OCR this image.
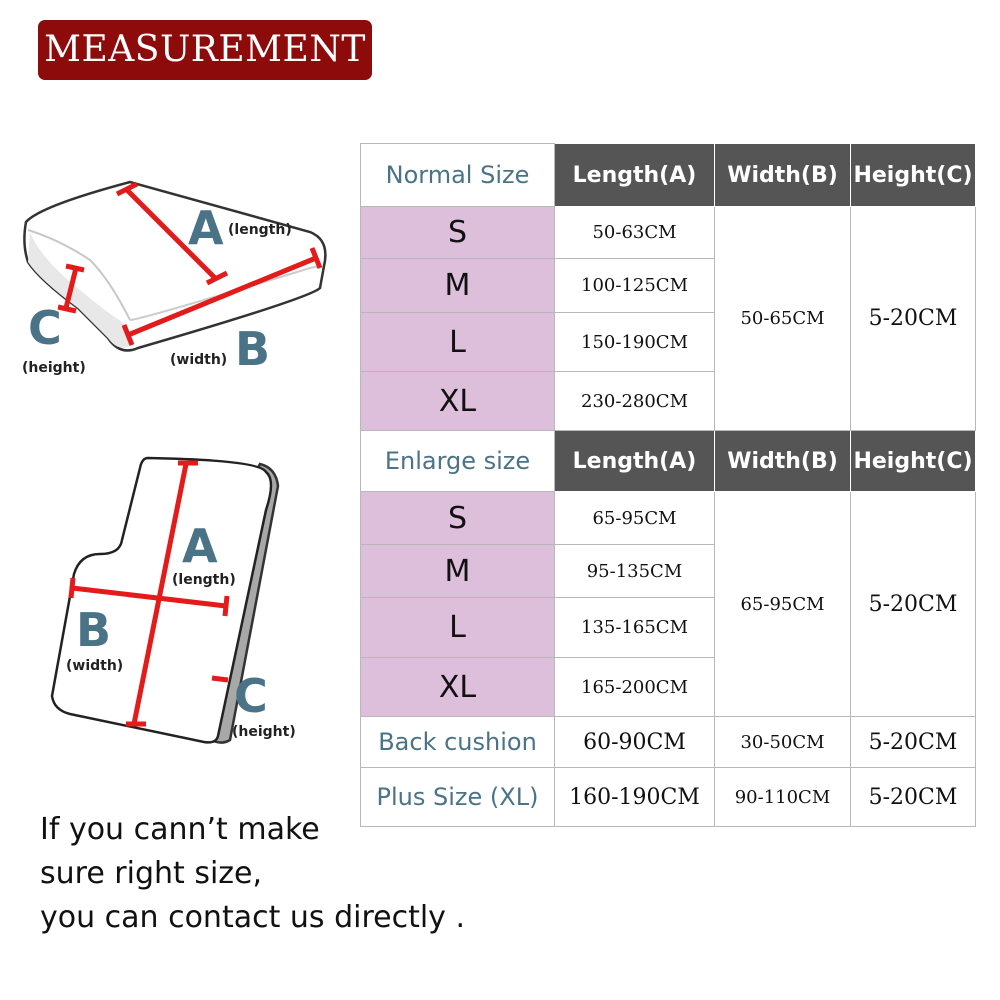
MEASUREMENT
A (length)
B
(width)
C
(height)
A
(length)
B
(width)
C
(height)
Normal Size	Length(A)	Width(B)	Height(C)
S	50-63CM	50-65CM	5-20CM
M	100-125CM		
L	150-190CM		
XL	230-280CM		
Enlarge size	Length(A)	Width(B)	Height(C)
S	65-95CM	65-95CM	5-20CM
M	95-135CM		
L	135-165CM		
XL	165-200CM		
Back cushion	60-90CM	30-50CM	5-20CM
Plus Size (XL)	160-190CM	90-110CM	5-20CM
If you cann’t make
sure right size,
you can contact us directly .
